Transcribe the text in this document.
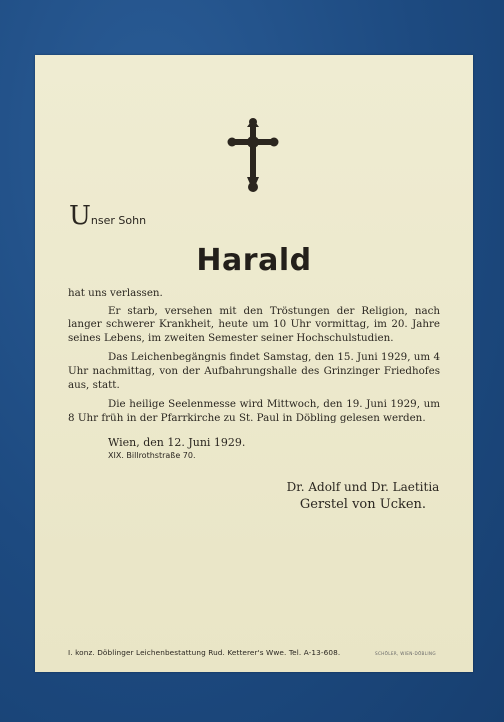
Unser Sohn
Harald

hat uns verlassen.

Er starb, versehen mit den Tröstungen der Religion, nach langer schwerer Krankheit, heute um 10 Uhr vormittag, im 20. Jahre seines Lebens, im zweiten Semester seiner Hochschulstudien.

Das Leichenbegängnis findet Samstag, den 15. Juni 1929, um 4 Uhr nachmittag, von der Aufbahrungshalle des Grinzinger Friedhofes aus, statt.

Die heilige Seelenmesse wird Mittwoch, den 19. Juni 1929, um 8 Uhr früh in der Pfarrkirche zu St. Paul in Döbling gelesen werden.

Wien, den 12. Juni 1929.
XIX. Billrothstraße 70.
Dr. Adolf und Dr. Laetitia
Gerstel von Ucken.
I. konz. Döblinger Leichenbestattung Rud. Ketterer's Wwe. Tel. A-13-608.	SCHÖLER, WIEN-DÖBLING
